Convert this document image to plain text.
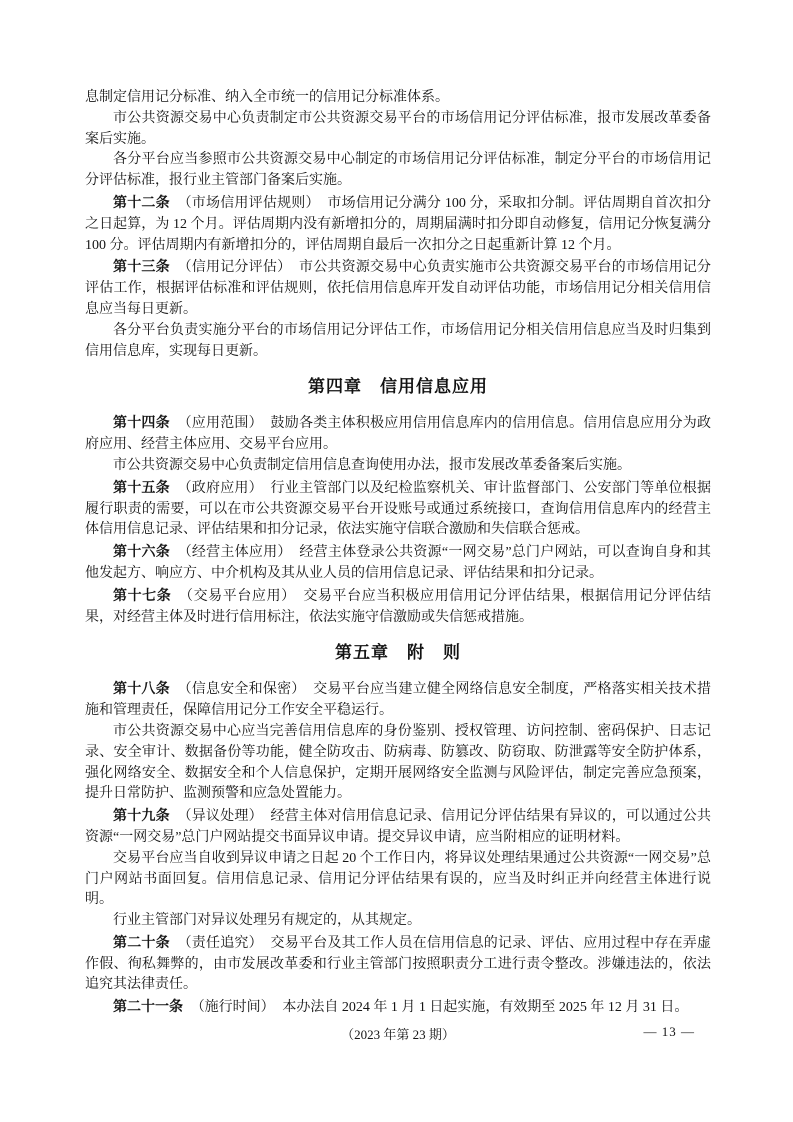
息制定信用记分标准、纳入全市统一的信用记分标准体系。

市公共资源交易中心负责制定市公共资源交易平台的市场信用记分评估标准，报市发展改革委备案后实施。

各分平台应当参照市公共资源交易中心制定的市场信用记分评估标准，制定分平台的市场信用记分评估标准，报行业主管部门备案后实施。

第十二条 （市场信用评估规则） 市场信用记分满分 100 分，采取扣分制。评估周期自首次扣分之日起算，为 12 个月。评估周期内没有新增扣分的，周期届满时扣分即自动修复，信用记分恢复满分 100 分。评估周期内有新增扣分的，评估周期自最后一次扣分之日起重新计算 12 个月。

第十三条 （信用记分评估） 市公共资源交易中心负责实施市公共资源交易平台的市场信用记分评估工作，根据评估标准和评估规则，依托信用信息库开发自动评估功能，市场信用记分相关信用信息应当每日更新。

各分平台负责实施分平台的市场信用记分评估工作，市场信用记分相关信用信息应当及时归集到信用信息库，实现每日更新。

第四章　信用信息应用

第十四条 （应用范围） 鼓励各类主体积极应用信用信息库内的信用信息。信用信息应用分为政府应用、经营主体应用、交易平台应用。

市公共资源交易中心负责制定信用信息查询使用办法，报市发展改革委备案后实施。

第十五条 （政府应用） 行业主管部门以及纪检监察机关、审计监督部门、公安部门等单位根据履行职责的需要，可以在市公共资源交易平台开设账号或通过系统接口，查询信用信息库内的经营主体信用信息记录、评估结果和扣分记录，依法实施守信联合激励和失信联合惩戒。

第十六条 （经营主体应用） 经营主体登录公共资源“一网交易”总门户网站，可以查询自身和其他发起方、响应方、中介机构及其从业人员的信用信息记录、评估结果和扣分记录。

第十七条 （交易平台应用） 交易平台应当积极应用信用记分评估结果，根据信用记分评估结果，对经营主体及时进行信用标注，依法实施守信激励或失信惩戒措施。

第五章　附　则

第十八条 （信息安全和保密） 交易平台应当建立健全网络信息安全制度，严格落实相关技术措施和管理责任，保障信用记分工作安全平稳运行。

市公共资源交易中心应当完善信用信息库的身份鉴别、授权管理、访问控制、密码保护、日志记录、安全审计、数据备份等功能，健全防攻击、防病毒、防篡改、防窃取、防泄露等安全防护体系，强化网络安全、数据安全和个人信息保护，定期开展网络安全监测与风险评估，制定完善应急预案，提升日常防护、监测预警和应急处置能力。

第十九条 （异议处理） 经营主体对信用信息记录、信用记分评估结果有异议的，可以通过公共资源“一网交易”总门户网站提交书面异议申请。提交异议申请，应当附相应的证明材料。

交易平台应当自收到异议申请之日起 20 个工作日内，将异议处理结果通过公共资源“一网交易”总门户网站书面回复。信用信息记录、信用记分评估结果有误的，应当及时纠正并向经营主体进行说明。

行业主管部门对异议处理另有规定的，从其规定。

第二十条 （责任追究） 交易平台及其工作人员在信用信息的记录、评估、应用过程中存在弄虚作假、徇私舞弊的，由市发展改革委和行业主管部门按照职责分工进行责令整改。涉嫌违法的，依法追究其法律责任。

第二十一条 （施行时间） 本办法自 2024 年 1 月 1 日起实施，有效期至 2025 年 12 月 31 日。

（2023 年第 23 期）	— 13 —
